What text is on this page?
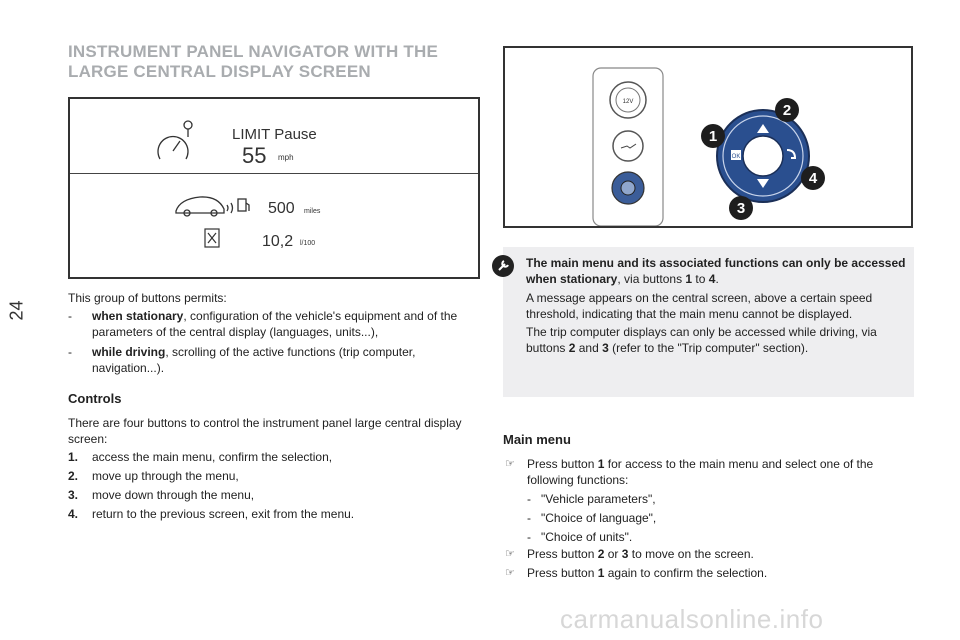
24
INSTRUMENT PANEL NAVIGATOR WITH THE
LARGE CENTRAL DISPLAY SCREEN
LIMIT Pause
55 mph
500 miles
10,2 l/100
12V
OK
1
2
3
4
This group of buttons permits:
- when stationary, configuration of the vehicle's equipment and of the parameters of the central display (languages, units...),
- while driving, scrolling of the active functions (trip computer, navigation...).
Controls
There are four buttons to control the instrument panel large central display screen:
1. access the main menu, confirm the selection,
2. move up through the menu,
3. move down through the menu,
4. return to the previous screen, exit from the menu.
The main menu and its associated functions can only be accessed when stationary, via buttons 1 to 4.
A message appears on the central screen, above a certain speed threshold, indicating that the main menu cannot be displayed.
The trip computer displays can only be accessed while driving, via buttons 2 and 3 (refer to the "Trip computer" section).
Main menu
☞ Press button 1 for access to the main menu and select one of the following functions:
- "Vehicle parameters",
- "Choice of language",
- "Choice of units".
☞ Press button 2 or 3 to move on the screen.
☞ Press button 1 again to confirm the selection.
carmanualsonline.info
